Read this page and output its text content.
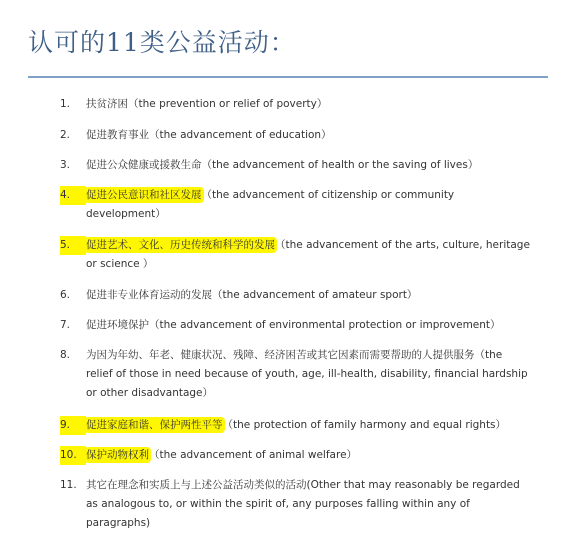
认可的11类公益活动：
1.	扶贫济困（the prevention or relief of poverty）
2.	促进教育事业（the advancement of education）
3.	促进公众健康或援救生命（the advancement of health or the saving of lives）
4.	促进公民意识和社区发展（the advancement of citizenship or community development）
5.	促进艺术、文化、历史传统和科学的发展（the advancement of the arts, culture, heritage or science ）
6.	促进非专业体育运动的发展（the advancement of amateur sport）
7.	促进环境保护（the advancement of environmental protection or improvement）
8.	为因为年幼、年老、健康状况、残障、经济困苦或其它因素而需要帮助的人提供服务（the relief of those in need because of youth, age, ill-health, disability, financial hardship or other disadvantage）
9.	促进家庭和谐、保护两性平等（the protection of family harmony and equal rights）
10. 保护动物权利（the advancement of animal welfare）
11. 其它在理念和实质上与上述公益活动类似的活动(Other that may reasonably be regarded as analogous to, or within the spirit of, any purposes falling within any of paragraphs)
